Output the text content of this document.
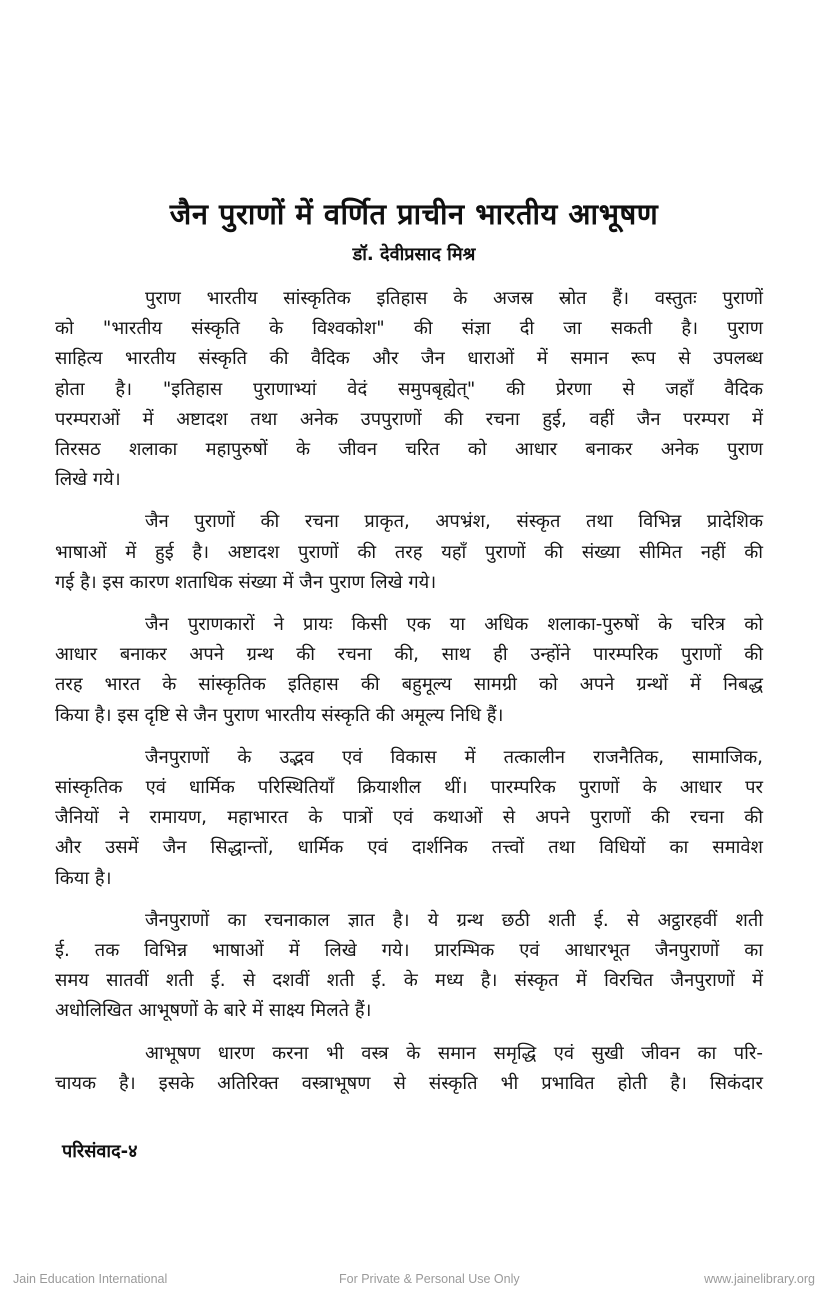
जैन पुराणों में वर्णित प्राचीन भारतीय आभूषण
डॉ. देवीप्रसाद मिश्र
पुराण भारतीय सांस्कृतिक इतिहास के अजस्र स्रोत हैं। वस्तुतः पुराणों
को "भारतीय संस्कृति के विश्वकोश" की संज्ञा दी जा सकती है। पुराण
साहित्य भारतीय संस्कृति की वैदिक और जैन धाराओं में समान रूप से उपलब्ध
होता है। "इतिहास पुराणाभ्यां वेदं समुपबृह्येत्" की प्रेरणा से जहाँ वैदिक
परम्पराओं में अष्टादश तथा अनेक उपपुराणों की रचना हुई, वहीं जैन परम्परा में
तिरसठ शलाका महापुरुषों के जीवन चरित को आधार बनाकर अनेक पुराण
लिखे गये।
जैन पुराणों की रचना प्राकृत, अपभ्रंश, संस्कृत तथा विभिन्न प्रादेशिक
भाषाओं में हुई है। अष्टादश पुराणों की तरह यहाँ पुराणों की संख्या सीमित नहीं की
गई है। इस कारण शताधिक संख्या में जैन पुराण लिखे गये।
जैन पुराणकारों ने प्रायः किसी एक या अधिक शलाका-पुरुषों के चरित्र को
आधार बनाकर अपने ग्रन्थ की रचना की, साथ ही उन्होंने पारम्परिक पुराणों की
तरह भारत के सांस्कृतिक इतिहास की बहुमूल्य सामग्री को अपने ग्रन्थों में निबद्ध
किया है। इस दृष्टि से जैन पुराण भारतीय संस्कृति की अमूल्य निधि हैं।
जैनपुराणों के उद्भव एवं विकास में तत्कालीन राजनैतिक, सामाजिक,
सांस्कृतिक एवं धार्मिक परिस्थितियाँ क्रियाशील थीं। पारम्परिक पुराणों के आधार पर
जैनियों ने रामायण, महाभारत के पात्रों एवं कथाओं से अपने पुराणों की रचना की
और उसमें जैन सिद्धान्तों, धार्मिक एवं दार्शनिक तत्त्वों तथा विधियों का समावेश
किया है।
जैनपुराणों का रचनाकाल ज्ञात है। ये ग्रन्थ छठी शती ई. से अट्ठारहवीं शती
ई. तक विभिन्न भाषाओं में लिखे गये। प्रारम्भिक एवं आधारभूत जैनपुराणों का
समय सातवीं शती ई. से दशवीं शती ई. के मध्य है। संस्कृत में विरचित जैनपुराणों में
अधोलिखित आभूषणों के बारे में साक्ष्य मिलते हैं।
आभूषण धारण करना भी वस्त्र के समान समृद्धि एवं सुखी जीवन का परि-
चायक है। इसके अतिरिक्त वस्त्राभूषण से संस्कृति भी प्रभावित होती है। सिकंदार
परिसंवाद-४
Jain Education International	For Private & Personal Use Only	www.jainelibrary.org
